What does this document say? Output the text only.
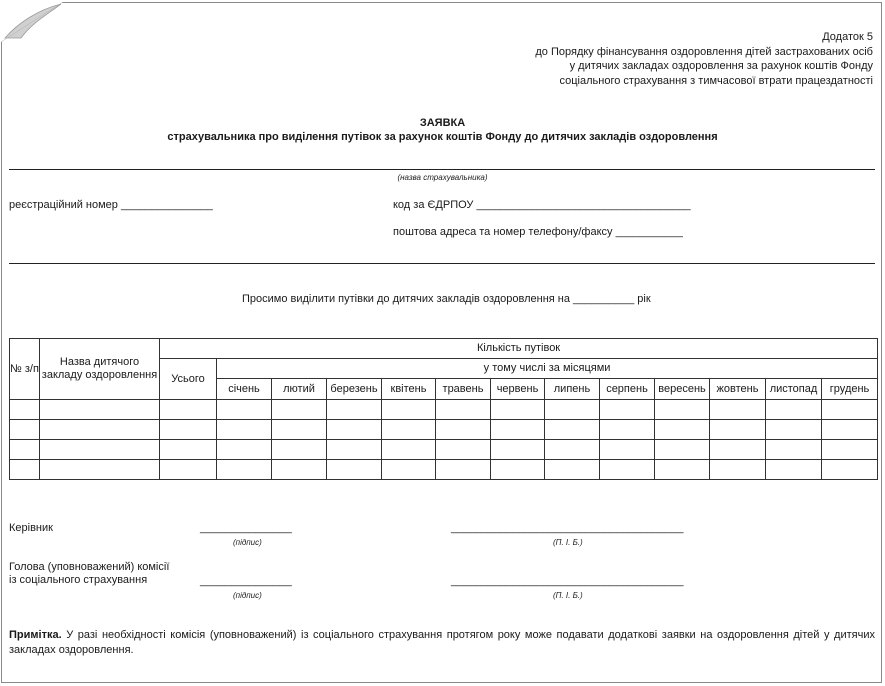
Додаток 5
до Порядку фінансування оздоровлення дітей застрахованих осіб
у дитячих закладах оздоровлення за рахунок коштів Фонду
соціального страхування з тимчасової втрати працездатності
ЗАЯВКА
страхувальника про виділення путівок за рахунок коштів Фонду до дитячих закладів оздоровлення
(назва страхувальника)
реєстраційний номер _______________	код за ЄДРПОУ ___________________________________
поштова адреса та номер телефону/факсу ___________
Просимо виділити путівки до дитячих закладів оздоровлення на __________ рік
№ з/п	Назва дитячого закладу оздоровлення	Кількість путівок												
		Усього	у тому числі за місяцями											
			січень	лютий	березень	квітень	травень	червень	липень	серпень	вересень	жовтень	листопад	грудень

Керівник	_______________
(підпис)
______________________________________
(П. І. Б.)
Голова (уповноважений) комісії
із соціального страхування	_______________
(підпис)
______________________________________
(П. І. Б.)
Примітка. У разі необхідності комісія (уповноважений) із соціального страхування протягом року може подавати додаткові заявки на оздоровлення дітей у дитячих закладах оздоровлення.
